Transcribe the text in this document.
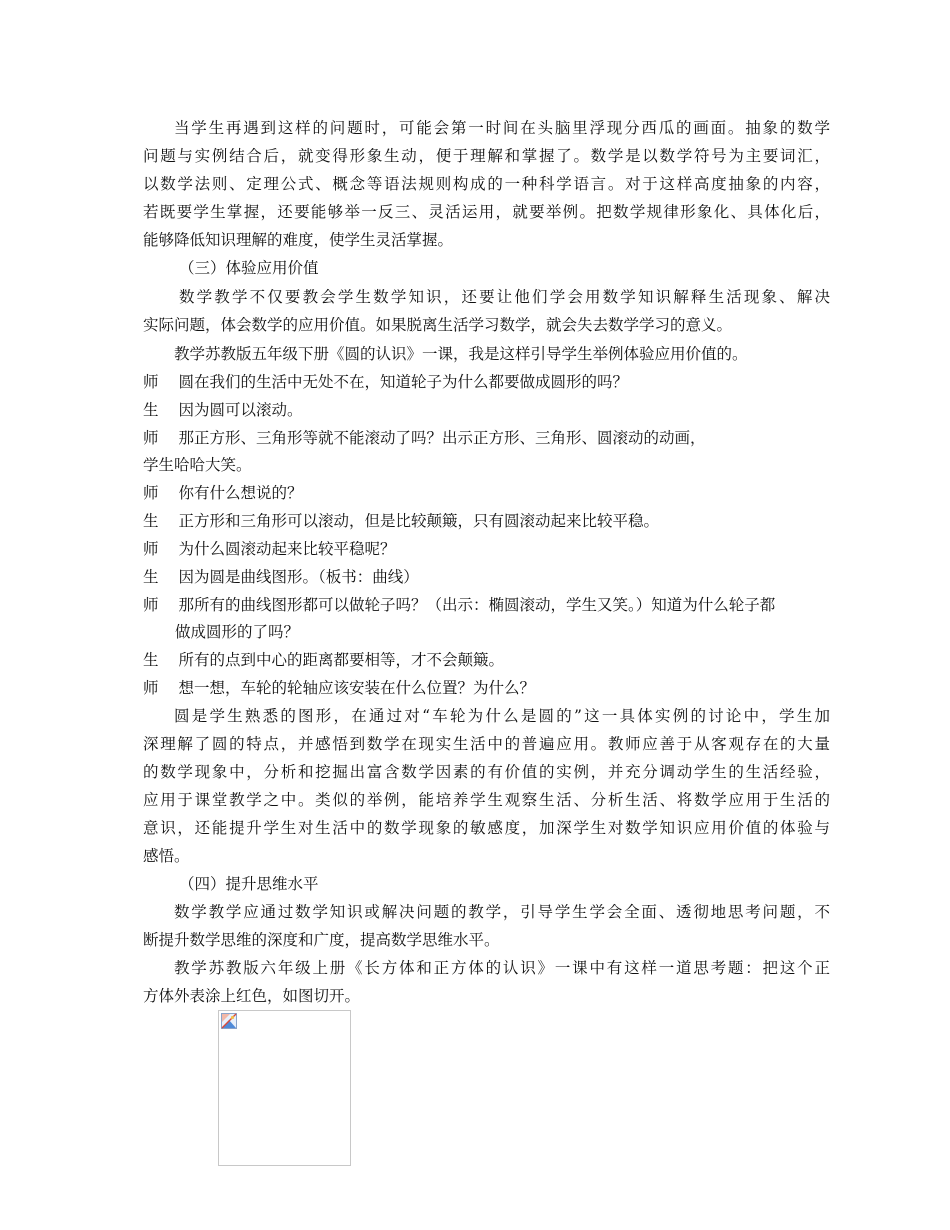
当学生再遇到这样的问题时，可能会第一时间在头脑里浮现分西瓜的画面。抽象的数学
问题与实例结合后，就变得形象生动，便于理解和掌握了。数学是以数学符号为主要词汇，
以数学法则、定理公式、概念等语法规则构成的一种科学语言。对于这样高度抽象的内容，
若既要学生掌握，还要能够举一反三、灵活运用，就要举例。把数学规律形象化、具体化后，
能够降低知识理解的难度，使学生灵活掌握。
（三）体验应用价值
数学教学不仅要教会学生数学知识，还要让他们学会用数学知识解释生活现象、解决
实际问题，体会数学的应用价值。如果脱离生活学习数学，就会失去数学学习的意义。
教学苏教版五年级下册《圆的认识》一课，我是这样引导学生举例体验应用价值的。
师 圆在我们的生活中无处不在，知道轮子为什么都要做成圆形的吗？
生 因为圆可以滚动。
师 那正方形、三角形等就不能滚动了吗？出示正方形、三角形、圆滚动的动画，
学生哈哈大笑。
师 你有什么想说的？
生 正方形和三角形可以滚动，但是比较颠簸，只有圆滚动起来比较平稳。
师 为什么圆滚动起来比较平稳呢？
生 因为圆是曲线图形。（板书：曲线）
师 那所有的曲线图形都可以做轮子吗？（出示：椭圆滚动，学生又笑。）知道为什么轮子都
做成圆形的了吗？
生 所有的点到中心的距离都要相等，才不会颠簸。
师 想一想，车轮的轮轴应该安装在什么位置？为什么？
圆是学生熟悉的图形，在通过对“车轮为什么是圆的”这一具体实例的讨论中，学生加
深理解了圆的特点，并感悟到数学在现实生活中的普遍应用。教师应善于从客观存在的大量
的数学现象中，分析和挖掘出富含数学因素的有价值的实例，并充分调动学生的生活经验，
应用于课堂教学之中。类似的举例，能培养学生观察生活、分析生活、将数学应用于生活的
意识，还能提升学生对生活中的数学现象的敏感度，加深学生对数学知识应用价值的体验与
感悟。
（四）提升思维水平
数学教学应通过数学知识或解决问题的教学，引导学生学会全面、透彻地思考问题，不
断提升数学思维的深度和广度，提高数学思维水平。
教学苏教版六年级上册《长方体和正方体的认识》一课中有这样一道思考题：把这个正
方体外表涂上红色，如图切开。
